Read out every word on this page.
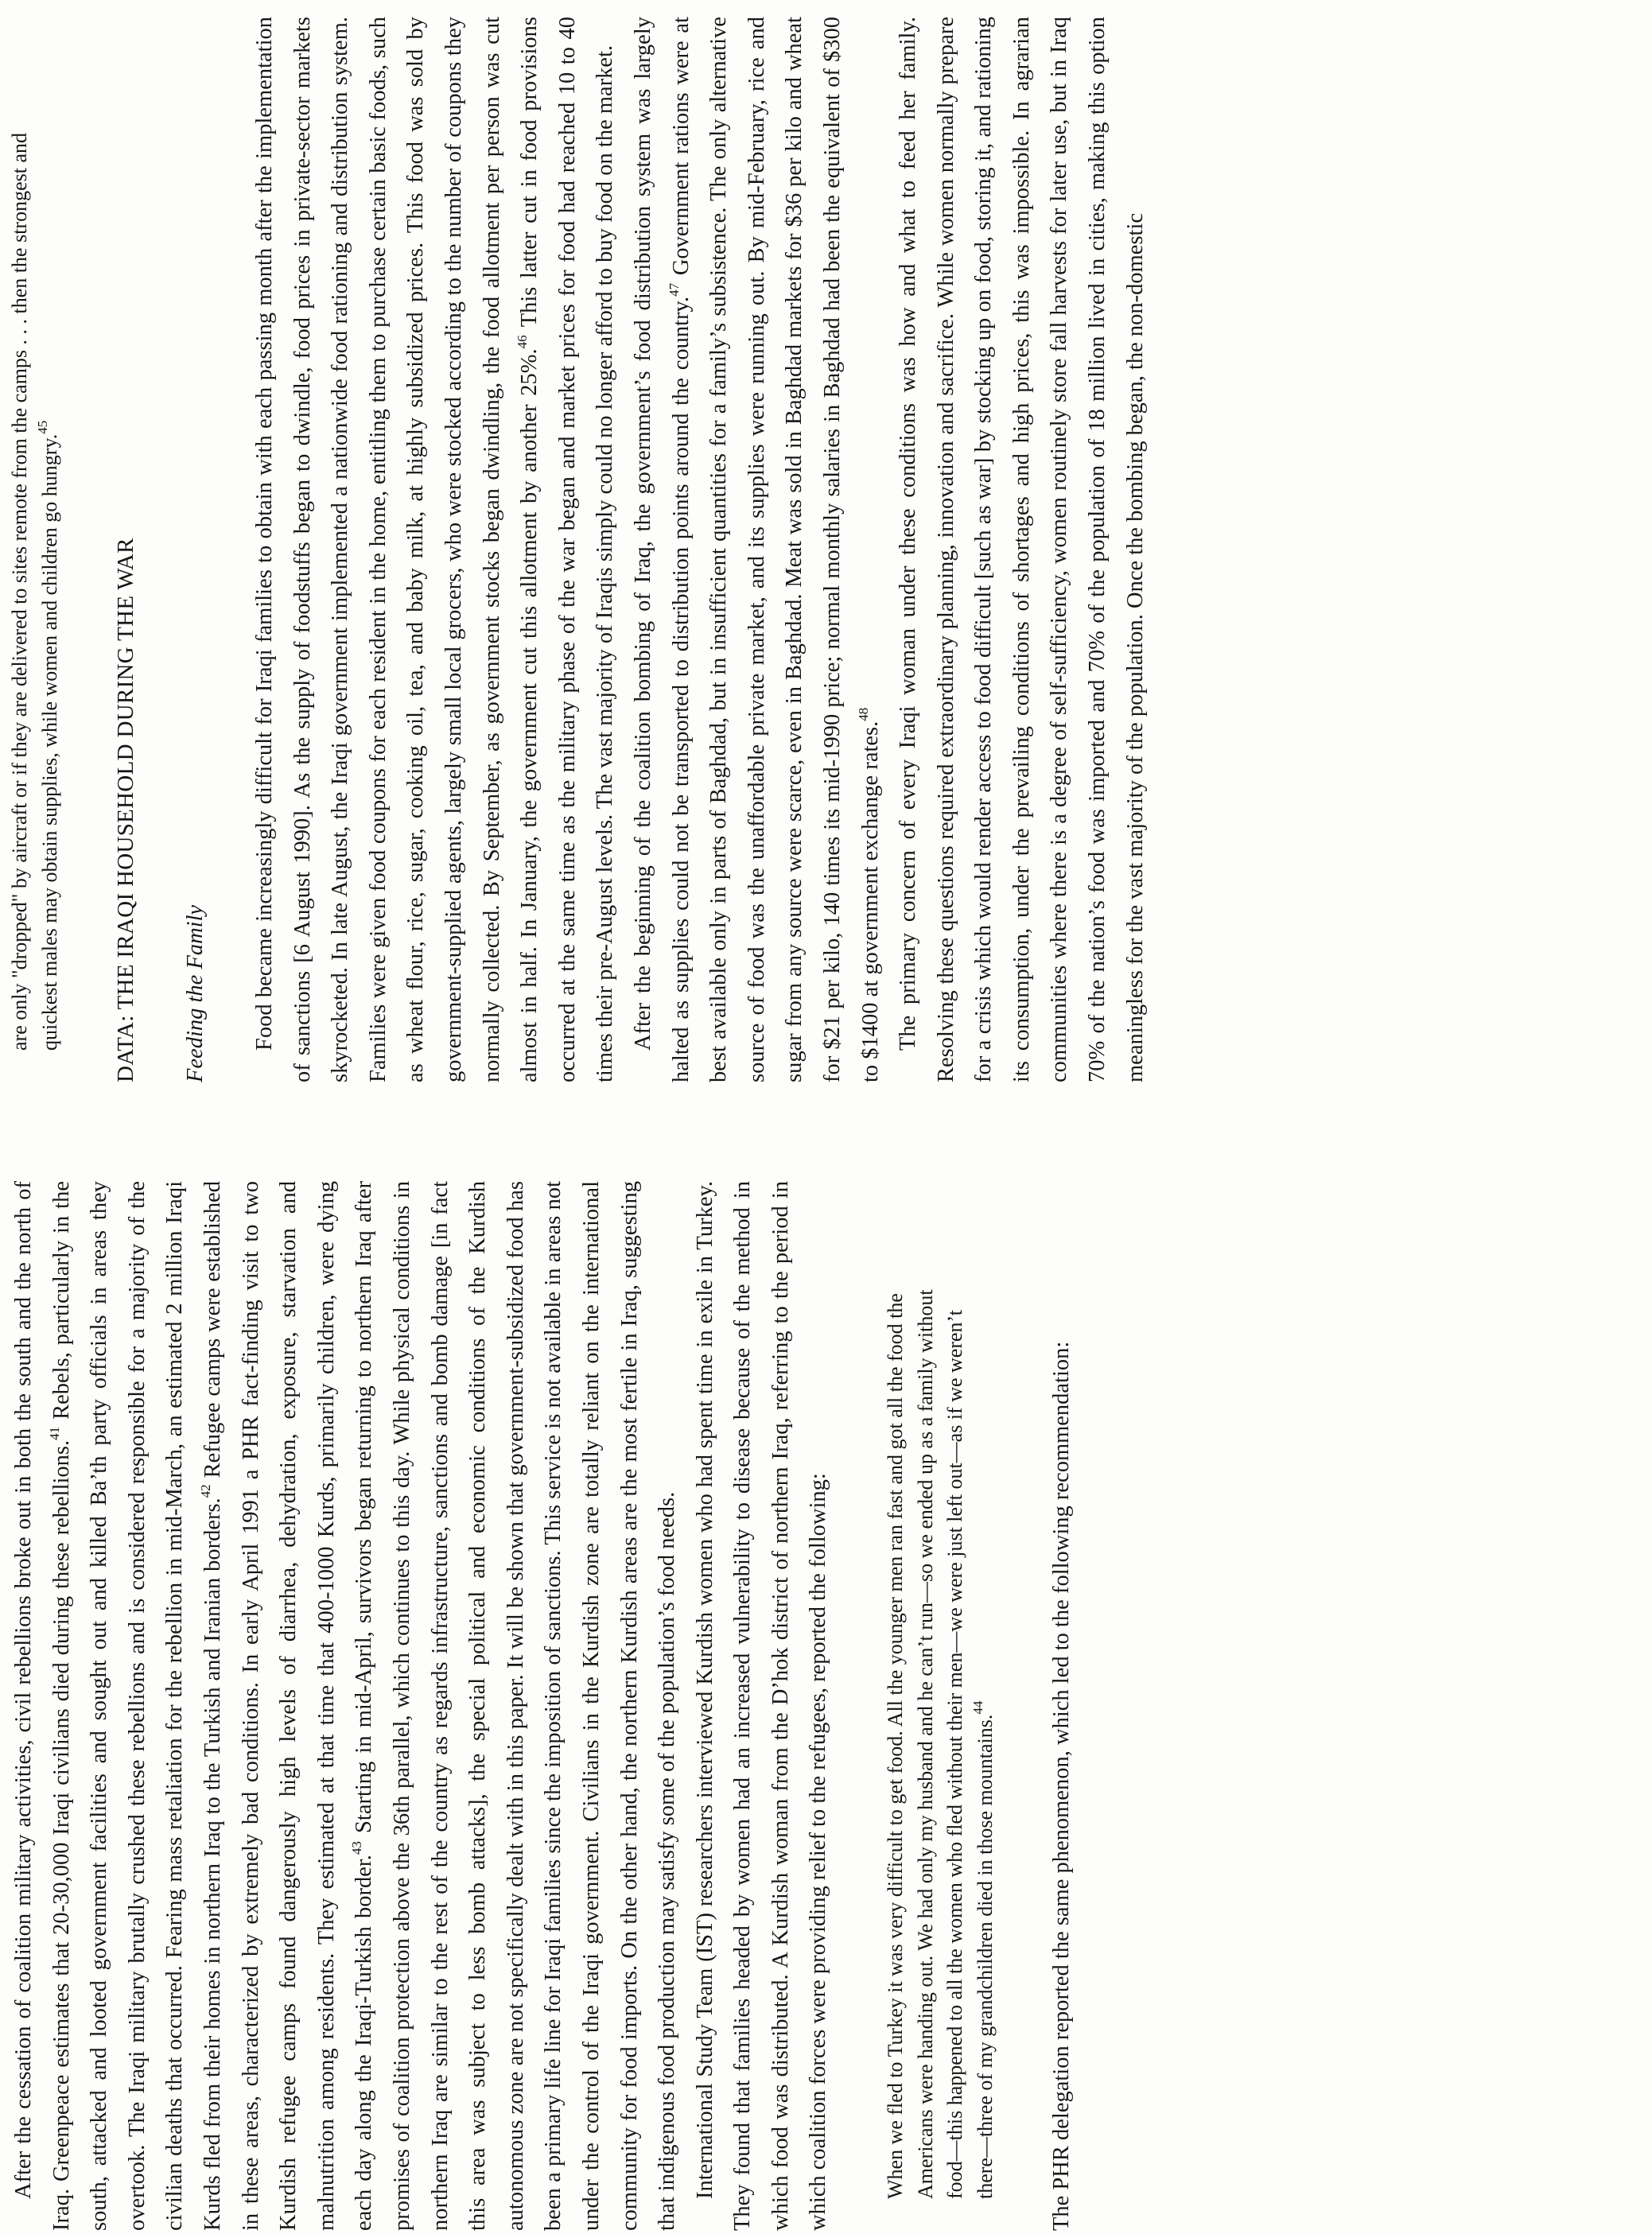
After the cessation of coalition military activities, civil rebellions broke out in both the south and the north of Iraq. Greenpeace estimates that 20-30,000 Iraqi civilians died during these rebellions.$^{41}$ Rebels, particularly in the south, attacked and looted government facilities and sought out and killed Ba’th party officials in areas they overtook. The Iraqi military brutally crushed these rebellions and is considered responsible for a majority of the civilian deaths that occurred. Fearing mass retaliation for the rebellion in mid-March, an estimated 2 million Iraqi Kurds fled from their homes in northern Iraq to the Turkish and Iranian borders.$^{42}$ Refugee camps were established in these areas, characterized by extremely bad conditions. In early April 1991 a PHR fact-finding visit to two Kurdish refugee camps found dangerously high levels of diarrhea, dehydration, exposure, starvation and malnutrition among residents. They estimated at that time that 400-1000 Kurds, primarily children, were dying each day along the Iraqi-Turkish border.$^{43}$ Starting in mid-April, survivors began returning to northern Iraq after promises of coalition protection above the 36th parallel, which continues to this day. While physical conditions in northern Iraq are similar to the rest of the country as regards infrastructure, sanctions and bomb damage [in fact this area was subject to less bomb attacks], the special political and economic conditions of the Kurdish autonomous zone are not specifically dealt with in this paper. It will be shown that government-subsidized food has been a primary life line for Iraqi families since the imposition of sanctions. This service is not available in areas not under the control of the Iraqi government. Civilians in the Kurdish zone are totally reliant on the international community for food imports. On the other hand, the northern Kurdish areas are the most fertile in Iraq, suggesting that indigenous food production may satisfy some of the population’s food needs. International Study Team (IST) researchers interviewed Kurdish women who had spent time in exile in Turkey. They found that families headed by women had an increased vulnerability to disease because of the method in which food was distributed. A Kurdish woman from the D’hok district of northern Iraq, referring to the period in which coalition forces were providing relief to the refugees, reported the following:	When we fled to Turkey it was very difficult to get food. All the younger men ran fast and got all the food the Americans were handing out. We had only my husband and he can’t run—so we ended up as a family without food—this happened to all the women who fled without their men—we were just left out—as if we weren’t there—three of my grandchildren died in those mountains.$^{44}$	The PHR delegation reported the same phenomenon, which led to the following recommendation:

are only "dropped" by aircraft or if they are delivered to sites remote from the camps . . . then the strongest and quickest males may obtain supplies, while women and children go hungry.$^{45}$

DATA: THE IRAQI HOUSEHOLD DURING THE WAR Feeding the Family Food became increasingly difficult for Iraqi families to obtain with each passing month after the implementation of sanctions [6 August 1990]. As the supply of foodstuffs began to dwindle, food prices in private-sector markets skyrocketed. In late August, the Iraqi government implemented a nationwide food rationing and distribution system. Families were given food coupons for each resident in the home, entitling them to purchase certain basic foods, such as wheat flour, rice, sugar, cooking oil, tea, and baby milk, at highly subsidized prices. This food was sold by government-supplied agents, largely small local grocers, who were stocked according to the number of coupons they normally collected. By September, as government stocks began dwindling, the food allotment per person was cut almost in half. In January, the government cut this allotment by another 25%.$^{46}$ This latter cut in food provisions occurred at the same time as the military phase of the war began and market prices for food had reached 10 to 40 times their pre-August levels. The vast majority of Iraqis simply could no longer afford to buy food on the market. After the beginning of the coalition bombing of Iraq, the government’s food distribution system was largely halted as supplies could not be transported to distribution points around the country.$^{47}$ Government rations were at best available only in parts of Baghdad, but in insufficient quantities for a family’s subsistence. The only alternative source of food was the unaffordable private market, and its supplies were running out. By mid-February, rice and sugar from any source were scarce, even in Baghdad. Meat was sold in Baghdad markets for $36 per kilo and wheat for $21 per kilo, 140 times its mid-1990 price; normal monthly salaries in Baghdad had been the equivalent of $300 to $1400 at government exchange rates.$^{48}$	The primary concern of every Iraqi woman under these conditions was how and what to feed her family. Resolving these questions required extraordinary planning, innovation and sacrifice. While women normally prepare for a crisis which would render access to food difficult [such as war] by stocking up on food, storing it, and rationing its consumption, under the prevailing conditions of shortages and high prices, this was impossible. In agrarian communities where there is a degree of self-sufficiency, women routinely store fall harvests for later use, but in Iraq 70% of the nation’s food was imported and 70% of the population of 18 million lived in cities, making this option meaningless for the vast majority of the population. Once the bombing began, the non-domestic
